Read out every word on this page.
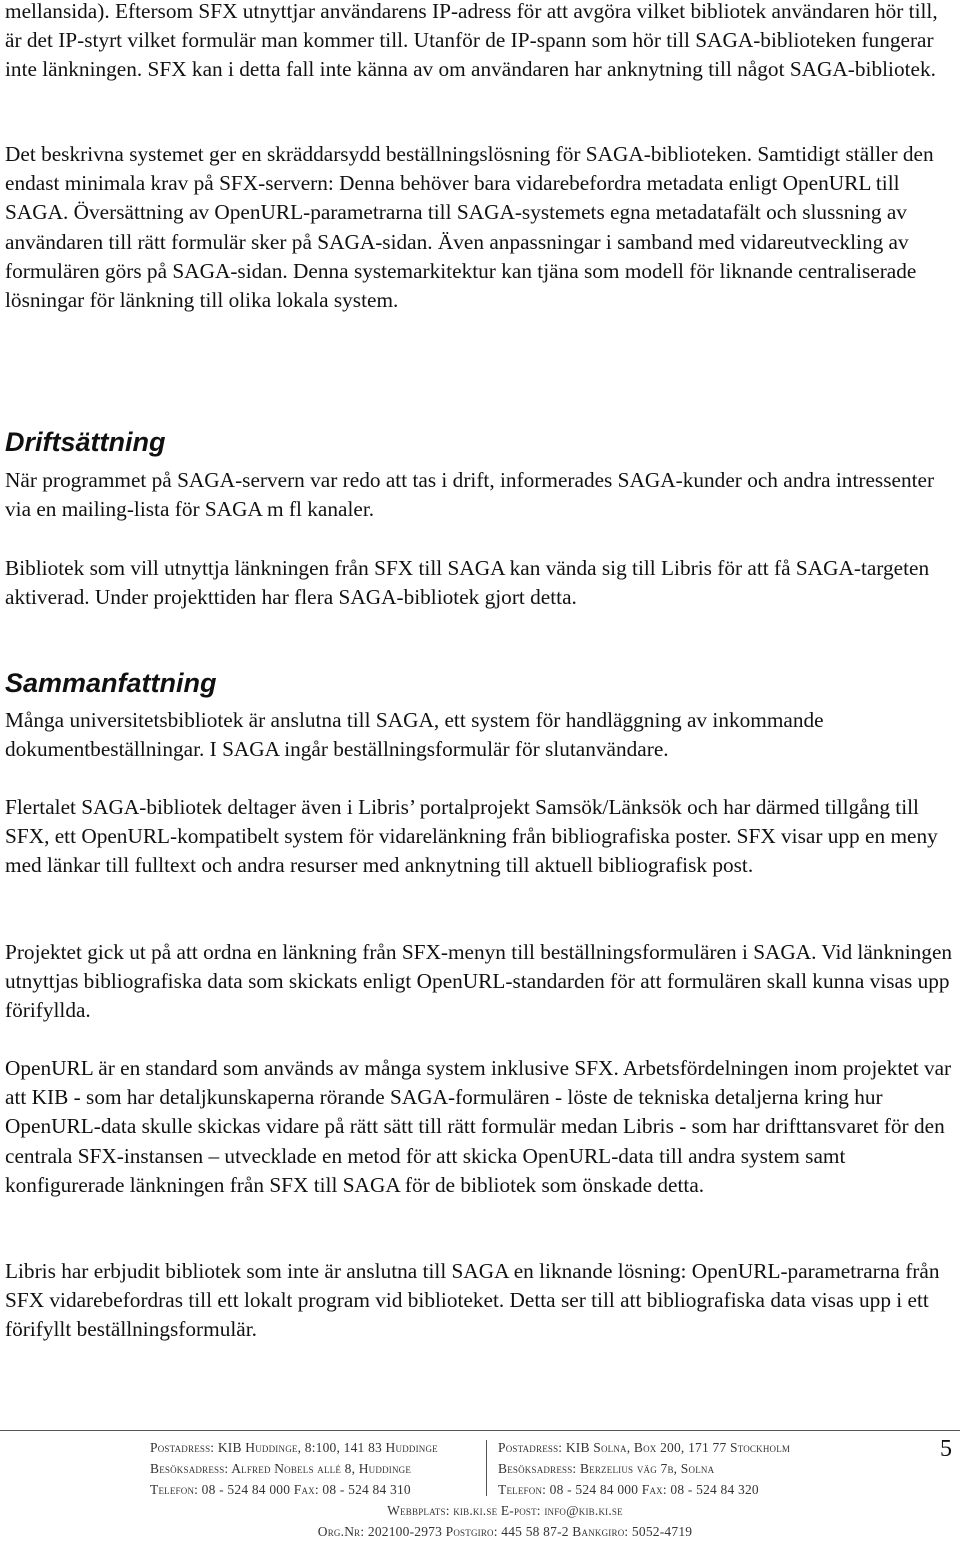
mellansida). Eftersom SFX utnyttjar användarens IP-adress för att avgöra vilket bibliotek användaren hör till, är det IP-styrt vilket formulär man kommer till. Utanför de IP-spann som hör till SAGA-biblioteken fungerar inte länkningen. SFX kan i detta fall inte känna av om användaren har anknytning till något SAGA-bibliotek.

Det beskrivna systemet ger en skräddarsydd beställningslösning för SAGA-biblioteken. Samtidigt ställer den endast minimala krav på SFX-servern: Denna behöver bara vidarebefordra metadata enligt OpenURL till SAGA. Översättning av OpenURL-parametrarna till SAGA-systemets egna metadatafält och slussning av användaren till rätt formulär sker på SAGA-sidan. Även anpassningar i samband med vidareutveckling av formulären görs på SAGA-sidan. Denna systemarkitektur kan tjäna som modell för liknande centraliserade lösningar för länkning till olika lokala system.

Driftsättning

När programmet på SAGA-servern var redo att tas i drift, informerades SAGA-kunder och andra intressenter via en mailing-lista för SAGA m fl kanaler.

Bibliotek som vill utnyttja länkningen från SFX till SAGA kan vända sig till Libris för att få SAGA-targeten aktiverad. Under projekttiden har flera SAGA-bibliotek gjort detta.

Sammanfattning

Många universitetsbibliotek är anslutna till SAGA, ett system för handläggning av inkommande dokumentbeställningar. I SAGA ingår beställningsformulär för slutanvändare.

Flertalet SAGA-bibliotek deltager även i Libris’ portalprojekt Samsök/Länksök och har därmed tillgång till SFX, ett OpenURL-kompatibelt system för vidarelänkning från bibliografiska poster. SFX visar upp en meny med länkar till fulltext och andra resurser med anknytning till aktuell bibliografisk post.

Projektet gick ut på att ordna en länkning från SFX-menyn till beställningsformulären i SAGA. Vid länkningen utnyttjas bibliografiska data som skickats enligt OpenURL-standarden för att formulären skall kunna visas upp förifyllda.

OpenURL är en standard som används av många system inklusive SFX. Arbetsfördelningen inom projektet var att KIB - som har detaljkunskaperna rörande SAGA-formulären - löste de tekniska detaljerna kring hur OpenURL-data skulle skickas vidare på rätt sätt till rätt formulär medan Libris - som har drifttansvaret för den centrala SFX-instansen – utvecklade en metod för att skicka OpenURL-data till andra system samt konfigurerade länkningen från SFX till SAGA för de bibliotek som önskade detta.

Libris har erbjudit bibliotek som inte är anslutna till SAGA en liknande lösning: OpenURL-parametrarna från SFX vidarebefordras till ett lokalt program vid biblioteket. Detta ser till att bibliografiska data visas upp i ett förifyllt beställningsformulär.

5
Postadress: KIB Huddinge, 8:100, 141 83 Huddinge
Besöksadress: Alfred Nobels allé 8, Huddinge
Telefon: 08 - 524 84 000 Fax: 08 - 524 84 310
Postadress: KIB Solna, Box 200, 171 77 Stockholm
Besöksadress: Berzelius väg 7b, Solna
Telefon: 08 - 524 84 000 Fax: 08 - 524 84 320
Webbplats: kib.ki.se E-post: info@kib.ki.se
Org.Nr: 202100-2973 Postgiro: 445 58 87-2 Bankgiro: 5052-4719
